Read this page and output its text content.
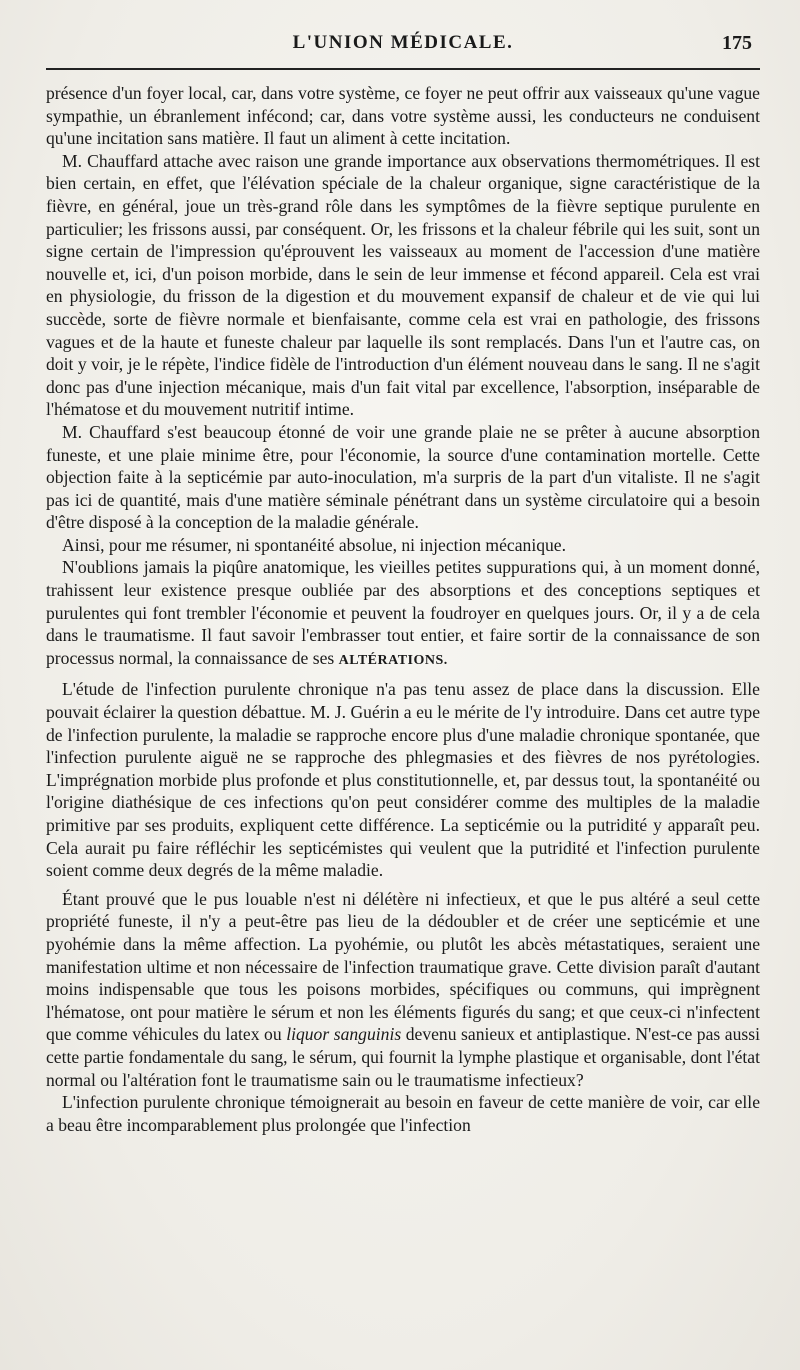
L'UNION MÉDICALE.	175

présence d'un foyer local, car, dans votre système, ce foyer ne peut offrir aux vaisseaux qu'une vague sympathie, un ébranlement infécond; car, dans votre système aussi, les conducteurs ne conduisent qu'une incitation sans matière. Il faut un aliment à cette incitation.

M. Chauffard attache avec raison une grande importance aux observations thermométriques. Il est bien certain, en effet, que l'élévation spéciale de la chaleur organique, signe caractéristique de la fièvre, en général, joue un très-grand rôle dans les symptômes de la fièvre septique purulente en particulier; les frissons aussi, par conséquent. Or, les frissons et la chaleur fébrile qui les suit, sont un signe certain de l'impression qu'éprouvent les vaisseaux au moment de l'accession d'une matière nouvelle et, ici, d'un poison morbide, dans le sein de leur immense et fécond appareil. Cela est vrai en physiologie, du frisson de la digestion et du mouvement expansif de chaleur et de vie qui lui succède, sorte de fièvre normale et bienfaisante, comme cela est vrai en pathologie, des frissons vagues et de la haute et funeste chaleur par laquelle ils sont remplacés. Dans l'un et l'autre cas, on doit y voir, je le répète, l'indice fidèle de l'introduction d'un élément nouveau dans le sang. Il ne s'agit donc pas d'une injection mécanique, mais d'un fait vital par excellence, l'absorption, inséparable de l'hématose et du mouvement nutritif intime.

M. Chauffard s'est beaucoup étonné de voir une grande plaie ne se prêter à aucune absorption funeste, et une plaie minime être, pour l'économie, la source d'une contamination mortelle. Cette objection faite à la septicémie par auto-inoculation, m'a surpris de la part d'un vitaliste. Il ne s'agit pas ici de quantité, mais d'une matière séminale pénétrant dans un système circulatoire qui a besoin d'être disposé à la conception de la maladie générale.

Ainsi, pour me résumer, ni spontanéité absolue, ni injection mécanique.

N'oublions jamais la piqûre anatomique, les vieilles petites suppurations qui, à un moment donné, trahissent leur existence presque oubliée par des absorptions et des conceptions septiques et purulentes qui font trembler l'économie et peuvent la foudroyer en quelques jours. Or, il y a de cela dans le traumatisme. Il faut savoir l'embrasser tout entier, et faire sortir de la connaissance de son processus normal, la connaissance de ses ALTÉRATIONS.

L'étude de l'infection purulente chronique n'a pas tenu assez de place dans la discussion. Elle pouvait éclairer la question débattue. M. J. Guérin a eu le mérite de l'y introduire. Dans cet autre type de l'infection purulente, la maladie se rapproche encore plus d'une maladie chronique spontanée, que l'infection purulente aiguë ne se rapproche des phlegmasies et des fièvres de nos pyrétologies. L'imprégnation morbide plus profonde et plus constitutionnelle, et, par dessus tout, la spontanéité ou l'origine diathésique de ces infections qu'on peut considérer comme des multiples de la maladie primitive par ses produits, expliquent cette différence. La septicémie ou la putridité y apparaît peu. Cela aurait pu faire réfléchir les septicémistes qui veulent que la putridité et l'infection purulente soient comme deux degrés de la même maladie.

Étant prouvé que le pus louable n'est ni délétère ni infectieux, et que le pus altéré a seul cette propriété funeste, il n'y a peut-être pas lieu de la dédoubler et de créer une septicémie et une pyohémie dans la même affection. La pyohémie, ou plutôt les abcès métastatiques, seraient une manifestation ultime et non nécessaire de l'infection traumatique grave. Cette division paraît d'autant moins indispensable que tous les poisons morbides, spécifiques ou communs, qui imprègnent l'hématose, ont pour matière le sérum et non les éléments figurés du sang; et que ceux-ci n'infectent que comme véhicules du latex ou liquor sanguinis devenu sanieux et antiplastique. N'est-ce pas aussi cette partie fondamentale du sang, le sérum, qui fournit la lymphe plastique et organisable, dont l'état normal ou l'altération font le traumatisme sain ou le traumatisme infectieux?

L'infection purulente chronique témoignerait au besoin en faveur de cette manière de voir, car elle a beau être incomparablement plus prolongée que l'infection
